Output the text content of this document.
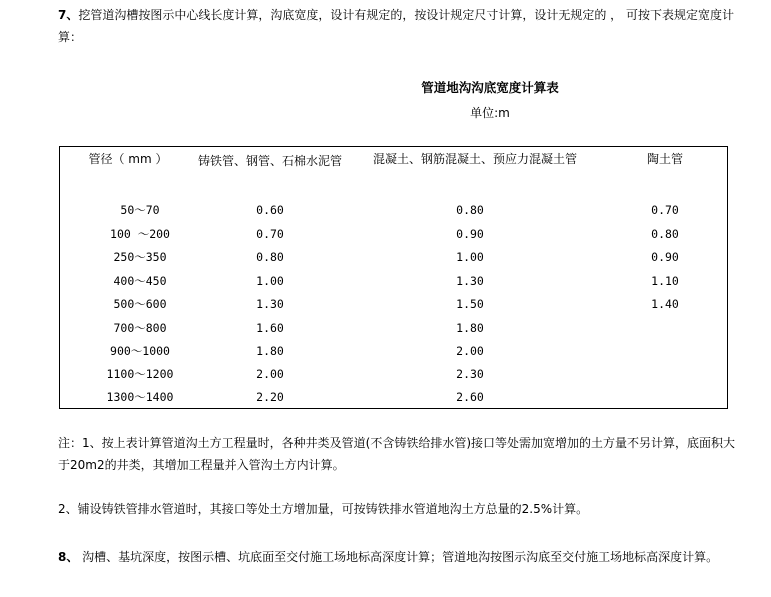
7、挖管道沟槽按图示中心线长度计算，沟底宽度，设计有规定的，按设计规定尺寸计算，设计无规定的 ， 可按下表规定宽度计算：

管道地沟沟底宽度计算表
单位:m
管径（ mm ）	铸铁管、钢管、石棉水泥管	混凝土、钢筋混凝土、预应力混凝土管	陶土管
50～70	0.60	0.80	0.70
100 ～200	0.70	0.90	0.80
250～350	0.80	1.00	0.90
400～450	1.00	1.30	1.10
500～600	1.30	1.50	1.40
700～800	1.60	1.80
900～1000	1.80	2.00
1100～1200	2.00	2.30
1300～1400	2.20	2.60

注：1、按上表计算管道沟土方工程量时，各种井类及管道(不含铸铁给排水管)接口等处需加宽增加的土方量不另计算，底面积大于20m2的井类，其增加工程量并入管沟土方内计算。

2、铺设铸铁管排水管道时，其接口等处土方增加量，可按铸铁排水管道地沟土方总量的2.5%计算。

8、 沟槽、基坑深度，按图示槽、坑底面至交付施工场地标高深度计算；管道地沟按图示沟底至交付施工场地标高深度计算。
